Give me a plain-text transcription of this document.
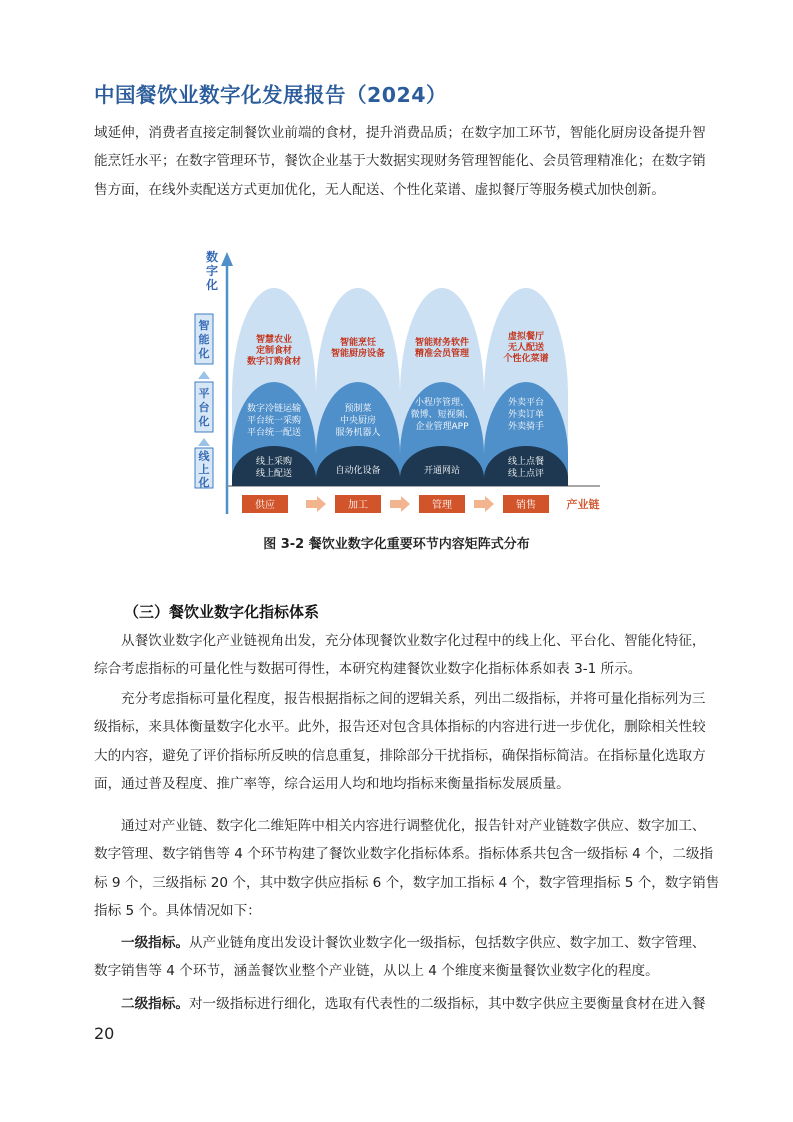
中国餐饮业数字化发展报告（2024）
域延伸，消费者直接定制餐饮业前端的食材，提升消费品质；在数字加工环节，智能化厨房设备提升智
能烹饪水平；在数字管理环节，餐饮企业基于大数据实现财务管理智能化、会员管理精准化；在数字销
售方面，在线外卖配送方式更加优化，无人配送、个性化菜谱、虚拟餐厅等服务模式加快创新。
数
字
化
智
能
化
平
台
化
线
上
化
智慧农业
定制食材
数字订购食材
数字冷链运输
平台统一采购
平台统一配送
线上采购
线上配送
智能烹饪
智能厨房设备
预制菜
中央厨房
服务机器人
自动化设备
智能财务软件
精准会员管理
小程序管理、
微博、短视频、
企业管理APP
开通网站
虚拟餐厅
无人配送
个性化菜谱
外卖平台
外卖订单
外卖骑手
线上点餐
线上点评
供应	加工	管理	销售	产业链
图 3-2 餐饮业数字化重要环节内容矩阵式分布
（三）餐饮业数字化指标体系
从餐饮业数字化产业链视角出发，充分体现餐饮业数字化过程中的线上化、平台化、智能化特征，
综合考虑指标的可量化性与数据可得性，本研究构建餐饮业数字化指标体系如表 3-1 所示。
充分考虑指标可量化程度，报告根据指标之间的逻辑关系，列出二级指标，并将可量化指标列为三
级指标，来具体衡量数字化水平。此外，报告还对包含具体指标的内容进行进一步优化，删除相关性较
大的内容，避免了评价指标所反映的信息重复，排除部分干扰指标，确保指标简洁。在指标量化选取方
面，通过普及程度、推广率等，综合运用人均和地均指标来衡量指标发展质量。
通过对产业链、数字化二维矩阵中相关内容进行调整优化，报告针对产业链数字供应、数字加工、
数字管理、数字销售等 4 个环节构建了餐饮业数字化指标体系。指标体系共包含一级指标 4 个，二级指
标 9 个，三级指标 20 个，其中数字供应指标 6 个，数字加工指标 4 个，数字管理指标 5 个，数字销售
指标 5 个。具体情况如下：
一级指标。从产业链角度出发设计餐饮业数字化一级指标，包括数字供应、数字加工、数字管理、
数字销售等 4 个环节，涵盖餐饮业整个产业链，从以上 4 个维度来衡量餐饮业数字化的程度。
二级指标。对一级指标进行细化，选取有代表性的二级指标，其中数字供应主要衡量食材在进入餐
20
